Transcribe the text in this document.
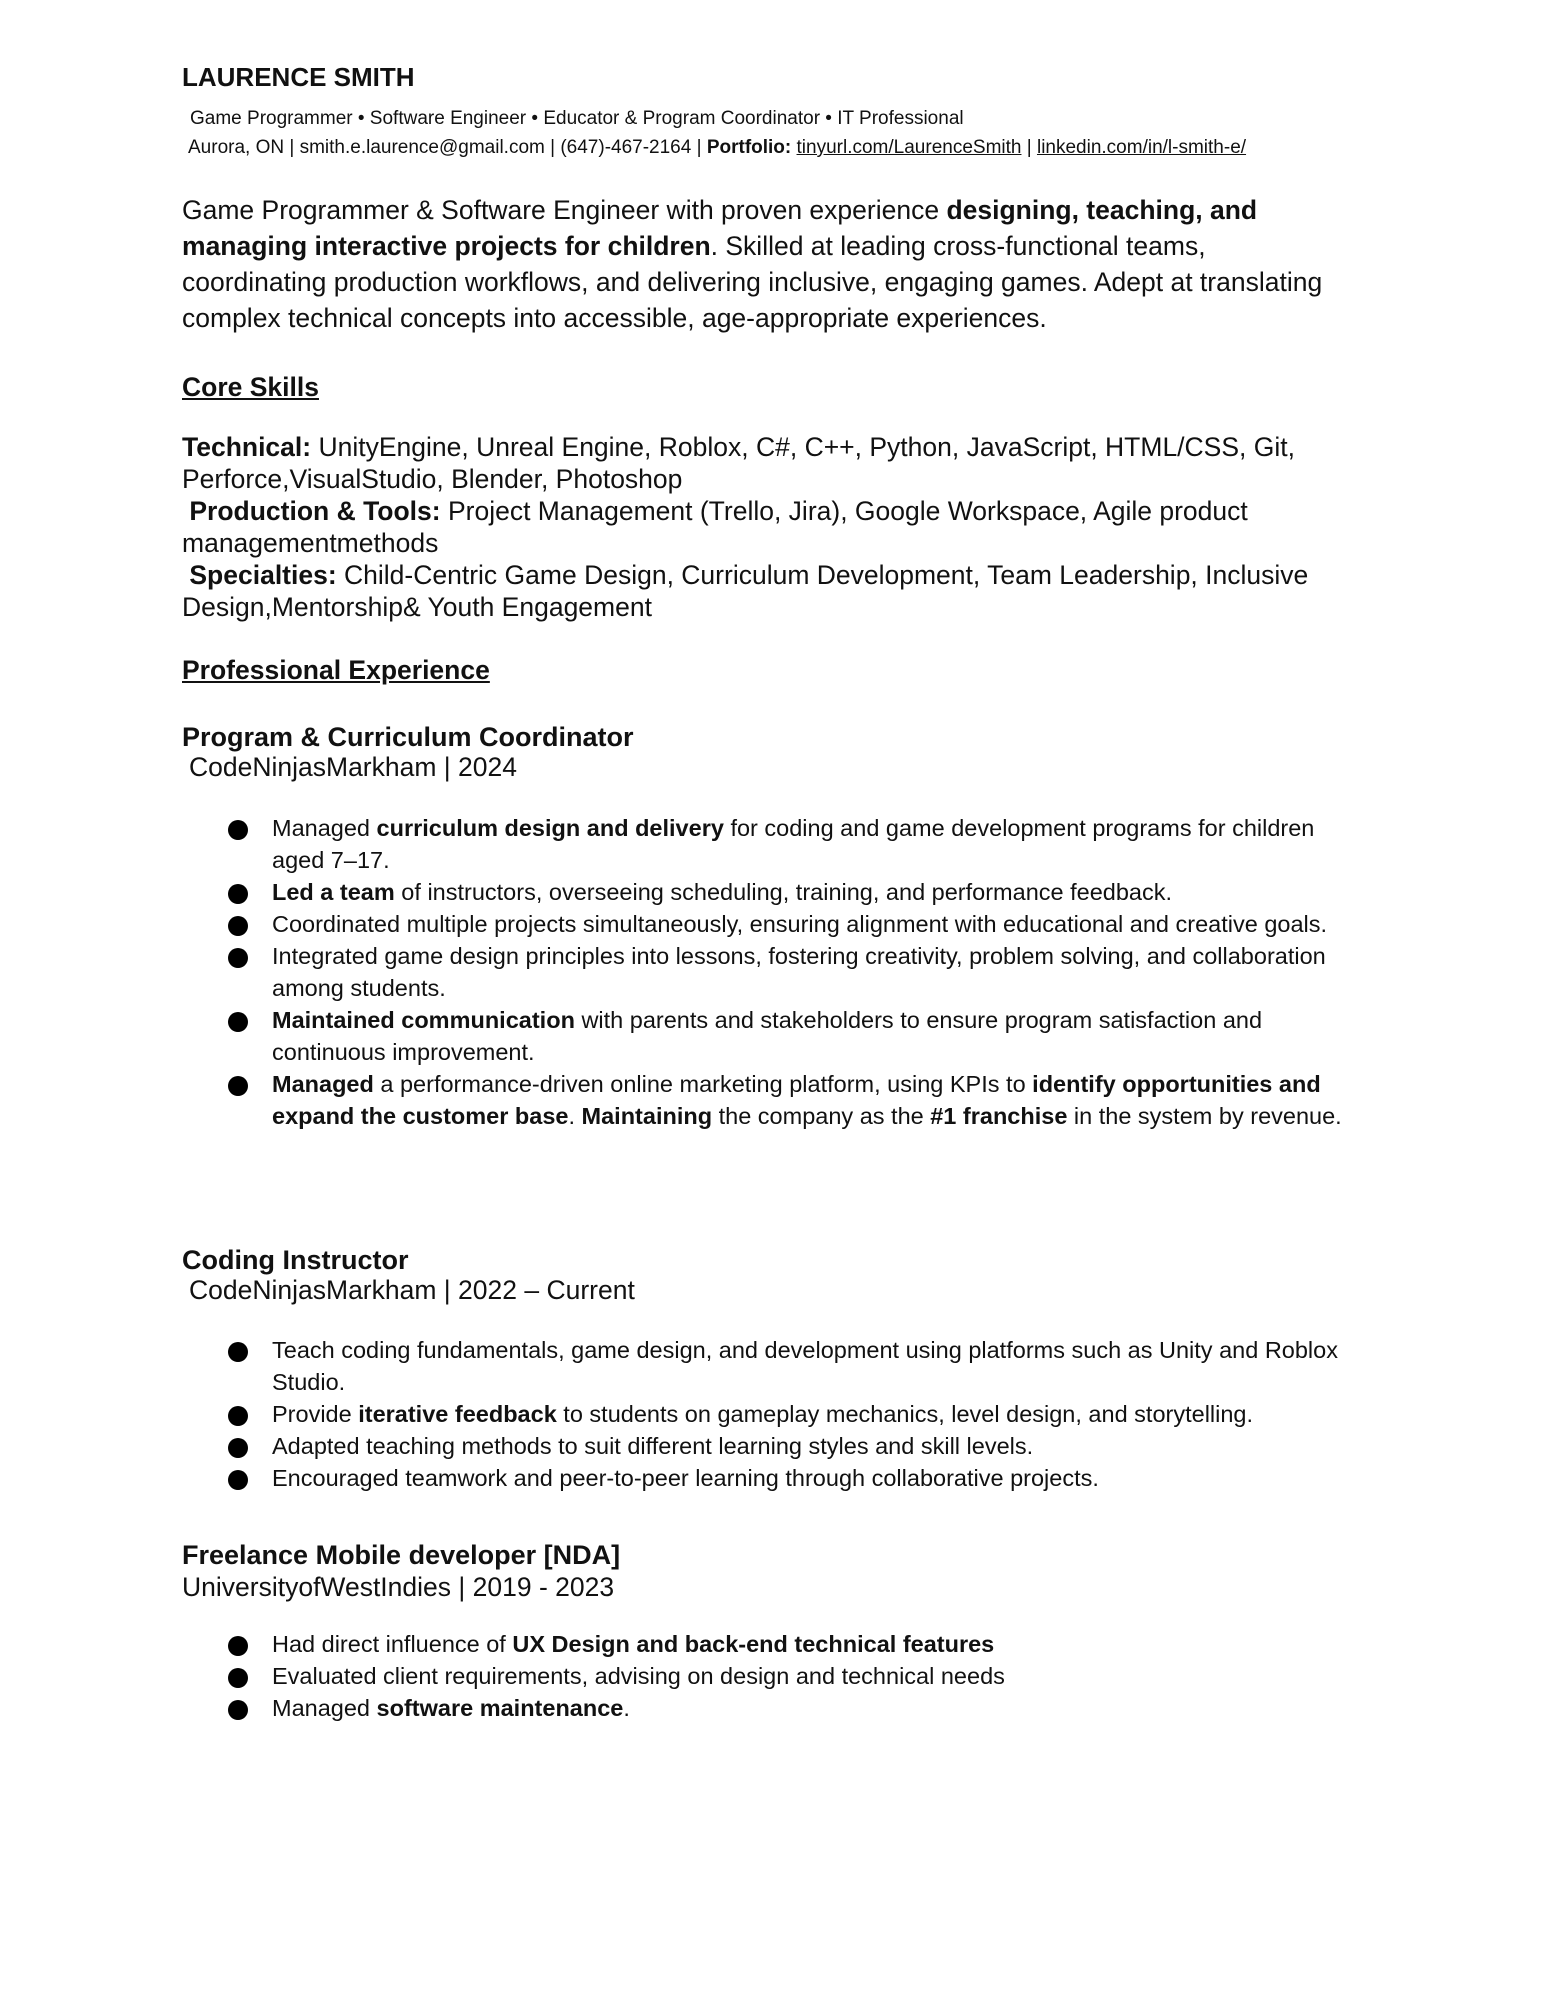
LAURENCE SMITH
Game Programmer • Software Engineer • Educator & Program Coordinator • IT Professional
Aurora, ON | smith.e.laurence@gmail.com | (647)-467-2164 | Portfolio: tinyurl.com/LaurenceSmith | linkedin.com/in/l-smith-e/
Game Programmer & Software Engineer with proven experience designing, teaching, and managing interactive projects for children. Skilled at leading cross‑functional teams, coordinating production workflows, and delivering inclusive, engaging games. Adept at translating complex technical concepts into accessible, age‑appropriate experiences.
Core Skills
Technical: UnityEngine, Unreal Engine, Roblox, C#, C++, Python, JavaScript, HTML/CSS, Git, Perforce,VisualStudio, Blender, Photoshop
Production & Tools: Project Management (Trello, Jira), Google Workspace, Agile product managementmethods
Specialties: Child‑Centric Game Design, Curriculum Development, Team Leadership, Inclusive Design,Mentorship& Youth Engagement
Professional Experience
Program & Curriculum Coordinator
CodeNinjasMarkham | 2024
Managed curriculum design and delivery for coding and game development programs for children aged 7–17.
Led a team of instructors, overseeing scheduling, training, and performance feedback.
Coordinated multiple projects simultaneously, ensuring alignment with educational and creative goals.
Integrated game design principles into lessons, fostering creativity, problem solving, and collaboration among students.
Maintained communication with parents and stakeholders to ensure program satisfaction and continuous improvement.
Managed a performance-driven online marketing platform, using KPIs to identify opportunities and expand the customer base. Maintaining the company as the #1 franchise in the system by revenue.
Coding Instructor
CodeNinjasMarkham | 2022 – Current
Teach coding fundamentals, game design, and development using platforms such as Unity and Roblox Studio.
Provide iterative feedback to students on gameplay mechanics, level design, and storytelling.
Adapted teaching methods to suit different learning styles and skill levels.
Encouraged teamwork and peer-to-peer learning through collaborative projects.
Freelance Mobile developer [NDA]
UniversityofWestIndies | 2019 - 2023
Had direct influence of UX Design and back-end technical features
Evaluated client requirements, advising on design and technical needs
Managed software maintenance.
